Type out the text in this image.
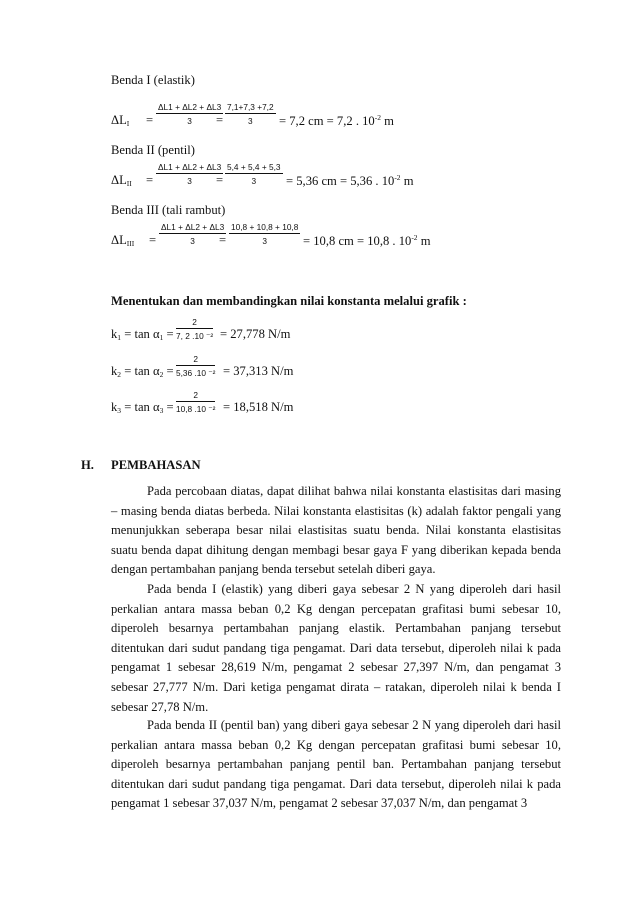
Benda I (elastik)
$\Delta L_I$ =
ΔL1 + ΔL2 + ΔL3
3 =
7,1+7,3 +7,2
3 = 7,2 cm = 7,2 . $10^{-2}$ m
Benda II (pentil)
$\Delta L_{II}$ =
ΔL1 + ΔL2 + ΔL3
3 =
5,4 + 5,4 + 5,3
3 = 5,36 cm = 5,36 . $10^{-2}$ m
Benda III (tali rambut)
$\Delta L_{III}$ =
ΔL1 + ΔL2 + ΔL3
3 =
10,8 + 10,8 + 10,8
3	= 10,8 cm = 10,8 . $10^{-2}$ m
Menentukan dan membandingkan nilai konstanta melalui grafik :
$k_1 = \tan \alpha_1$ =
2
7, 2 .10 ⁻² = 27,778 N/m
$k_2 = \tan \alpha_2$ =
2
5,36 .10 ⁻² = 37,313 N/m
$k_3 = \tan \alpha_3$ =
2
10,8 .10 ⁻² = 18,518 N/m
H. PEMBAHASAN
Pada percobaan diatas, dapat dilihat bahwa nilai konstanta elastisitas dari masing – masing benda diatas berbeda. Nilai konstanta elastisitas (k) adalah faktor pengali yang menunjukkan seberapa besar nilai elastisitas suatu benda. Nilai konstanta elastisitas suatu benda dapat dihitung dengan membagi besar gaya F yang diberikan kepada benda dengan pertambahan panjang benda tersebut setelah diberi gaya.
Pada benda I (elastik) yang diberi gaya sebesar 2 N yang diperoleh dari hasil perkalian antara massa beban 0,2 Kg dengan percepatan grafitasi bumi sebesar 10, diperoleh besarnya pertambahan panjang elastik. Pertambahan panjang tersebut ditentukan dari sudut pandang tiga pengamat. Dari data tersebut, diperoleh nilai k pada pengamat 1 sebesar 28,619 N/m, pengamat 2 sebesar 27,397 N/m, dan pengamat 3 sebesar 27,777 N/m. Dari ketiga pengamat dirata – ratakan, diperoleh nilai k benda I sebesar 27,78 N/m.
Pada benda II (pentil ban) yang diberi gaya sebesar 2 N yang diperoleh dari hasil perkalian antara massa beban 0,2 Kg dengan percepatan grafitasi bumi sebesar 10, diperoleh besarnya pertambahan panjang pentil ban. Pertambahan panjang tersebut ditentukan dari sudut pandang tiga pengamat. Dari data tersebut, diperoleh nilai k pada pengamat 1 sebesar 37,037 N/m, pengamat 2 sebesar 37,037 N/m, dan pengamat 3
